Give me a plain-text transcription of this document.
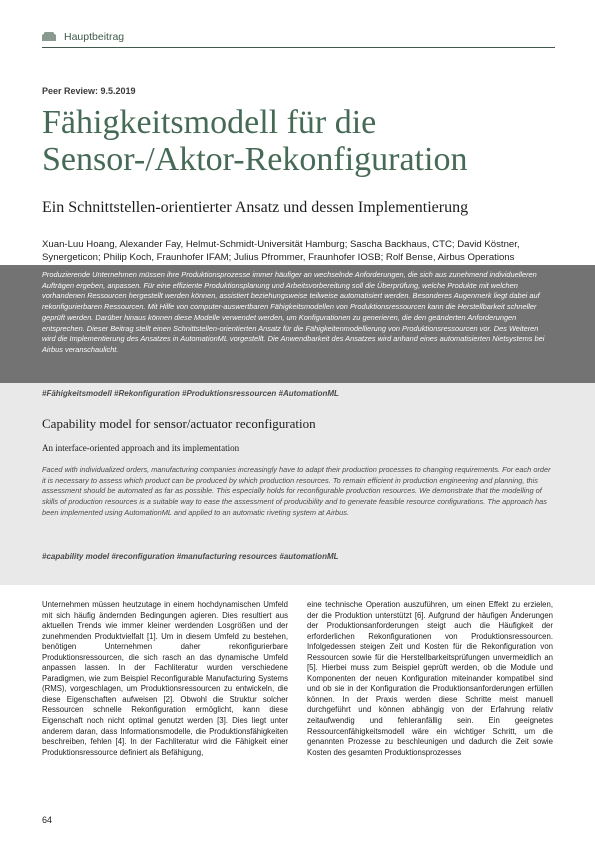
Hauptbeitrag
Peer Review: 9.5.2019
Fähigkeitsmodell für die
Sensor-/Aktor-Rekonfiguration
Ein Schnittstellen-orientierter Ansatz und dessen Implementierung
Xuan-Luu Hoang, Alexander Fay, Helmut-Schmidt-Universität Hamburg; Sascha Backhaus, CTC; David Köstner, Synergeticon; Philip Koch, Fraunhofer IFAM; Julius Pfrommer, Fraunhofer IOSB; Rolf Bense, Airbus Operations

Produzierende Unternehmen müssen ihre Produktionsprozesse immer häufiger an wechselnde Anforderungen, die sich aus zunehmend individuelleren Aufträgen ergeben, anpassen. Für eine effiziente Produktionsplanung und Arbeitsvorbereitung soll die Überprüfung, welche Produkte mit welchen vorhandenen Ressourcen hergestellt werden können, assistiert beziehungsweise teilweise automatisiert werden. Besonderes Augenmerk liegt dabei auf rekonfigurierbaren Ressourcen. Mit Hilfe von computer-auswertbaren Fähigkeitsmodellen von Produktionsressourcen kann die Herstellbarkeit schneller geprüft werden. Darüber hinaus können diese Modelle verwendet werden, um Konfigurationen zu generieren, die den geänderten Anforderungen entsprechen. Dieser Beitrag stellt einen Schnittstellen-orientierten Ansatz für die Fähigkeitenmodellierung von Produktionsressourcen vor. Des Weiteren wird die Implementierung des Ansatzes in AutomationML vorgestellt. Die Anwendbarkeit des Ansatzes wird anhand eines automatisierten Nietsystems bei Airbus veranschaulicht.

#Fähigkeitsmodell #Rekonfiguration #Produktionsressourcen #AutomationML
Capability model for sensor/actuator reconfiguration
An interface-oriented approach and its implementation
Faced with individualized orders, manufacturing companies increasingly have to adapt their production processes to changing requirements. For each order it is necessary to assess which product can be produced by which production resources. To remain efficient in production engineering and planning, this assessment should be automated as far as possible. This especially holds for reconfigurable production resources. We demonstrate that the modelling of skills of production resources is a suitable way to ease the assessment of producibility and to generate feasible resource configurations. The approach has been implemented using AutomationML and applied to an automatic riveting system at Airbus.
#capability model #reconfiguration #manufacturing resources #automationML
Unternehmen müssen heutzutage in einem hochdynamischen Umfeld mit sich häufig ändernden Bedingungen agieren. Dies resultiert aus aktuellen Trends wie immer kleiner werdenden Losgrößen und der zunehmenden Produktvielfalt [1]. Um in diesem Umfeld zu bestehen, benötigen Unternehmen daher rekonfigurierbare Produktionsressourcen, die sich rasch an das dynamische Umfeld anpassen lassen. In der Fachliteratur wurden verschiedene Paradigmen, wie zum Beispiel Reconfigurable Manufacturing Systems (RMS), vorgeschlagen, um Produktionsressourcen zu entwickeln, die diese Eigenschaften aufweisen [2]. Obwohl die Struktur solcher Ressourcen schnelle Rekonfiguration ermöglicht, kann diese Eigenschaft noch nicht optimal genutzt werden [3]. Dies liegt unter anderem daran, dass Informationsmodelle, die Produktionsfähigkeiten beschreiben, fehlen [4]. In der Fachliteratur wird die Fähigkeit einer Produktionsressource definiert als Befähigung,
eine technische Operation auszuführen, um einen Effekt zu erzielen, der die Produktion unterstützt [6]. Aufgrund der häufigen Änderungen der Produktionsanforderungen steigt auch die Häufigkeit der erforderlichen Rekonfigurationen von Produktionsressourcen. Infolgedessen steigen Zeit und Kosten für die Rekonfiguration von Ressourcen sowie für die Herstellbarkeitsprüfungen unvermeidlich an [5]. Hierbei muss zum Beispiel geprüft werden, ob die Module und Komponenten der neuen Konfiguration miteinander kompatibel sind und ob sie in der Konfiguration die Produktionsanforderungen erfüllen können. In der Praxis werden diese Schritte meist manuell durchgeführt und können abhängig von der Erfahrung relativ zeitaufwendig und fehleranfällig sein. Ein geeignetes Ressourcenfähigkeitsmodell wäre ein wichtiger Schritt, um die genannten Prozesse zu beschleunigen und dadurch die Zeit sowie Kosten des gesamten Produktionsprozesses
64
